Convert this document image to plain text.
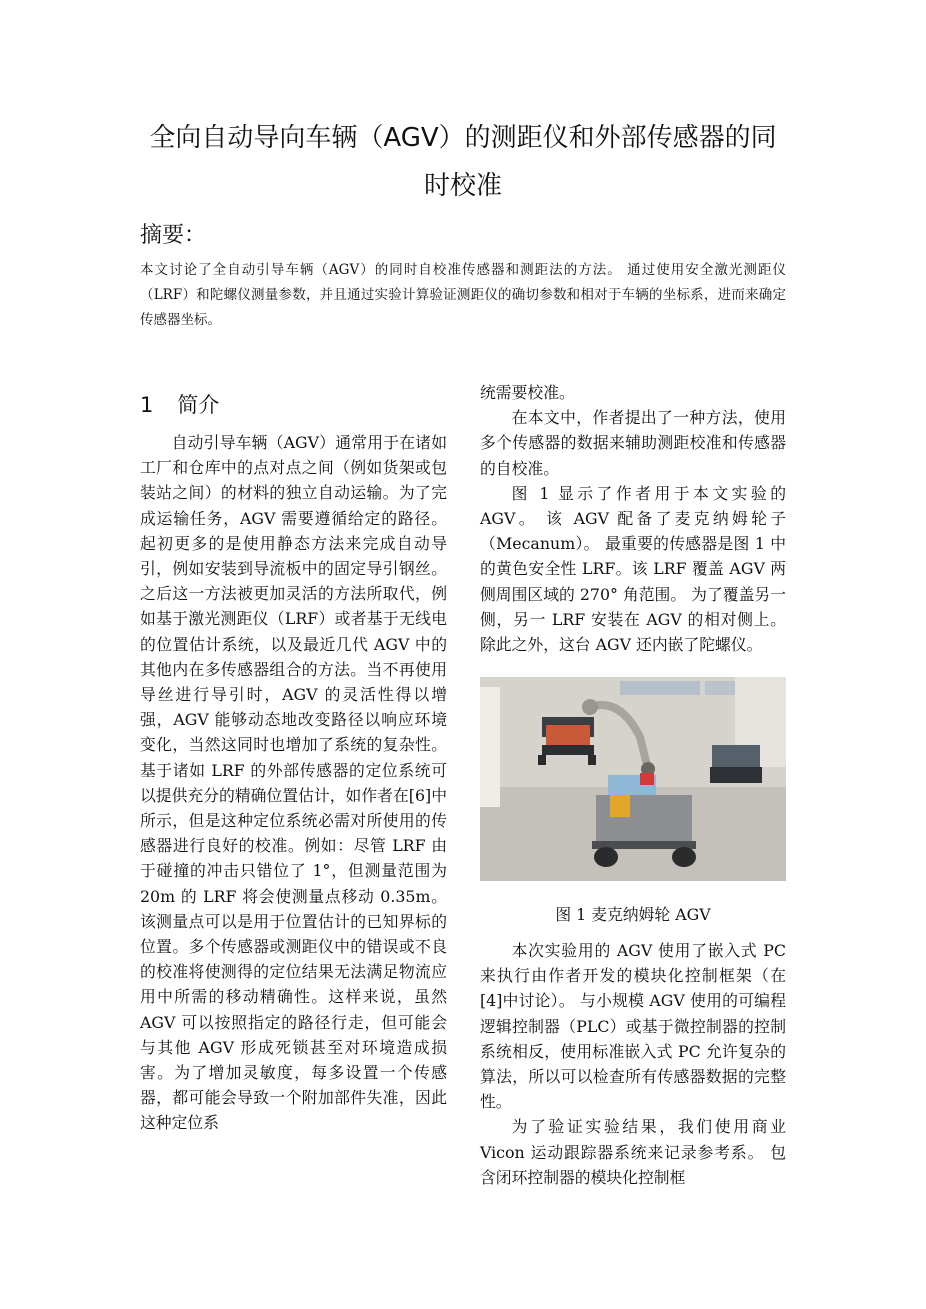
全向自动导向车辆（AGV）的测距仪和外部传感器的同时校准
摘要：

本文讨论了全自动引导车辆（AGV）的同时自校准传感器和测距法的方法。 通过使用安全激光测距仪（LRF）和陀螺仪测量参数，并且通过实验计算验证测距仪的确切参数和相对于车辆的坐标系，进而来确定传感器坐标。

1 简介

自动引导车辆（AGV）通常用于在诸如工厂和仓库中的点对点之间（例如货架或包装站之间）的材料的独立自动运输。为了完成运输任务，AGV 需要遵循给定的路径。起初更多的是使用静态方法来完成自动导引，例如安装到导流板中的固定导引钢丝。之后这一方法被更加灵活的方法所取代，例如基于激光测距仪（LRF）或者基于无线电的位置估计系统，以及最近几代 AGV 中的其他内在多传感器组合的方法。当不再使用导丝进行导引时，AGV 的灵活性得以增强，AGV 能够动态地改变路径以响应环境变化，当然这同时也增加了系统的复杂性。基于诸如 LRF 的外部传感器的定位系统可以提供充分的精确位置估计，如作者在[6]中所示，但是这种定位系统必需对所使用的传感器进行良好的校准。例如：尽管 LRF 由于碰撞的冲击只错位了 1°，但测量范围为 20m 的 LRF 将会使测量点移动 0.35m。该测量点可以是用于位置估计的已知界标的位置。多个传感器或测距仪中的错误或不良的校准将使测得的定位结果无法满足物流应用中所需的移动精确性。这样来说，虽然 AGV 可以按照指定的路径行走，但可能会与其他 AGV 形成死锁甚至对环境造成损害。为了增加灵敏度，每多设置一个传感器，都可能会导致一个附加部件失准，因此这种定位系

统需要校准。

在本文中，作者提出了一种方法，使用多个传感器的数据来辅助测距校准和传感器的自校准。

图 1 显示了作者用于本文实验的 AGV。 该 AGV 配备了麦克纳姆轮子（Mecanum）。 最重要的传感器是图 1 中的黄色安全性 LRF。该 LRF 覆盖 AGV 两侧周围区域的 270° 角范围。 为了覆盖另一侧，另一 LRF 安装在 AGV 的相对侧上。 除此之外，这台 AGV 还内嵌了陀螺仪。

图 1 麦克纳姆轮 AGV

本次实验用的 AGV 使用了嵌入式 PC 来执行由作者开发的模块化控制框架（在[4]中讨论）。 与小规模 AGV 使用的可编程逻辑控制器（PLC）或基于微控制器的控制系统相反，使用标准嵌入式 PC 允许复杂的算法，所以可以检查所有传感器数据的完整性。

为了验证实验结果，我们使用商业 Vicon 运动跟踪器系统来记录参考系。 包含闭环控制器的模块化控制框
